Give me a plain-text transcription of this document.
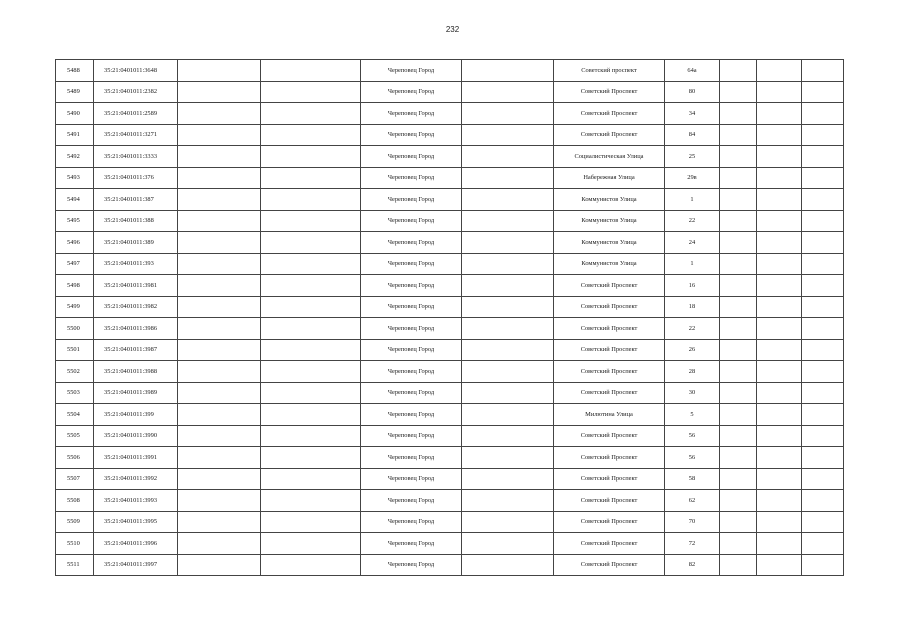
232
5488	35:21:0401011:3648			Череповец Город		Советский проспект	64а			
5489	35:21:0401011:2382			Череповец Город		Советский Проспект	80			
5490	35:21:0401011:2589			Череповец Город		Советский Проспект	34			
5491	35:21:0401011:3271			Череповец Город		Советский Проспект	84			
5492	35:21:0401011:3333			Череповец Город		Социалистическая Улица	25			
5493	35:21:0401011:376			Череповец Город		Набережная Улица	29в			
5494	35:21:0401011:387			Череповец Город		Коммунистов Улица	1			
5495	35:21:0401011:388			Череповец Город		Коммунистов Улица	22			
5496	35:21:0401011:389			Череповец Город		Коммунистов Улица	24			
5497	35:21:0401011:393			Череповец Город		Коммунистов Улица	1			
5498	35:21:0401011:3981			Череповец Город		Советский Проспект	16			
5499	35:21:0401011:3982			Череповец Город		Советский Проспект	18			
5500	35:21:0401011:3986			Череповец Город		Советский Проспект	22			
5501	35:21:0401011:3987			Череповец Город		Советский Проспект	26			
5502	35:21:0401011:3988			Череповец Город		Советский Проспект	28			
5503	35:21:0401011:3989			Череповец Город		Советский Проспект	30			
5504	35:21:0401011:399			Череповец Город		Милютина Улица	5			
5505	35:21:0401011:3990			Череповец Город		Советский Проспект	56			
5506	35:21:0401011:3991			Череповец Город		Советский Проспект	56			
5507	35:21:0401011:3992			Череповец Город		Советский Проспект	58			
5508	35:21:0401011:3993			Череповец Город		Советский Проспект	62			
5509	35:21:0401011:3995			Череповец Город		Советский Проспект	70			
5510	35:21:0401011:3996			Череповец Город		Советский Проспект	72			
5511	35:21:0401011:3997			Череповец Город		Советский Проспект	82			
